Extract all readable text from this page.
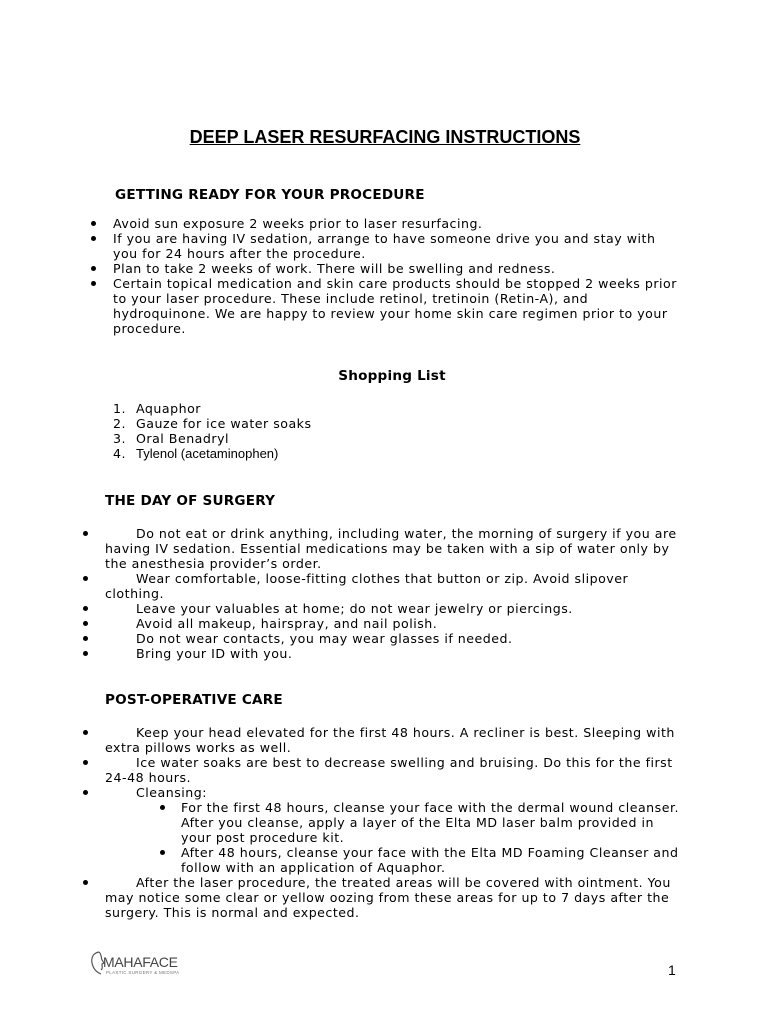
DEEP LASER RESURFACING INSTRUCTIONS
GETTING READY FOR YOUR PROCEDURE
Avoid sun exposure 2 weeks prior to laser resurfacing.
If you are having IV sedation, arrange to have someone drive you and stay with you for 24 hours after the procedure.
Plan to take 2 weeks of work. There will be swelling and redness.
Certain topical medication and skin care products should be stopped 2 weeks prior to your laser procedure. These include retinol, tretinoin (Retin-A), and hydroquinone. We are happy to review your home skin care regimen prior to your procedure.
Shopping List
1. Aquaphor
2. Gauze for ice water soaks
3. Oral Benadryl
4. Tylenol (acetaminophen)
THE DAY OF SURGERY
Do not eat or drink anything, including water, the morning of surgery if you are having IV sedation. Essential medications may be taken with a sip of water only by the anesthesia provider’s order.
Wear comfortable, loose-fitting clothes that button or zip. Avoid slipover clothing.
Leave your valuables at home; do not wear jewelry or piercings.
Avoid all makeup, hairspray, and nail polish.
Do not wear contacts, you may wear glasses if needed.
Bring your ID with you.
POST-OPERATIVE CARE
Keep your head elevated for the first 48 hours. A recliner is best. Sleeping with extra pillows works as well.
Ice water soaks are best to decrease swelling and bruising. Do this for the first 24-48 hours.
Cleansing:
For the first 48 hours, cleanse your face with the dermal wound cleanser. After you cleanse, apply a layer of the Elta MD laser balm provided in your post procedure kit.
After 48 hours, cleanse your face with the Elta MD Foaming Cleanser and follow with an application of Aquaphor.
After the laser procedure, the treated areas will be covered with ointment. You may notice some clear or yellow oozing from these areas for up to 7 days after the surgery. This is normal and expected.
MAHAFACE
PLASTIC SURGERY & MEDSPA	1
